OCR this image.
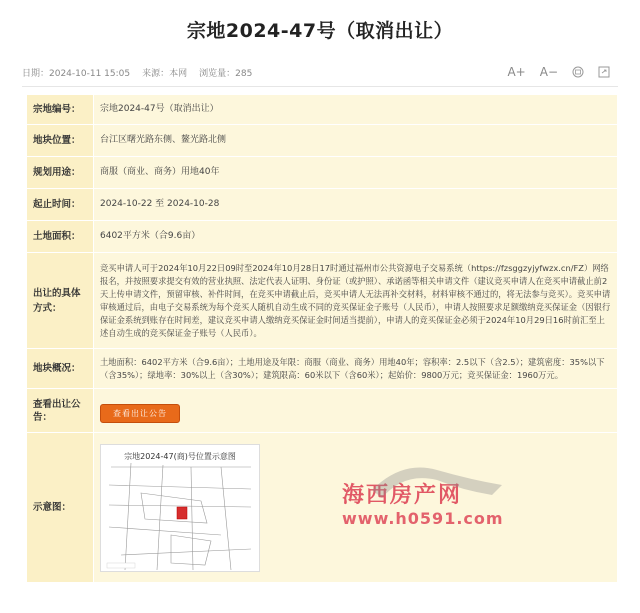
宗地2024-47号（取消出让）
日期：2024-10-11 15:05 来源：本网 浏览量：285	A+ A−
宗地编号：	宗地2024-47号（取消出让）
地块位置：	台江区曙光路东侧、鳌光路北侧
规划用途：	商服（商业、商务）用地40年
起止时间：	2024-10-22 至 2024-10-28
土地面积：	6402平方米（合9.6亩）
出让的具体方式：	竞买申请人可于2024年10月22日09时至2024年10月28日17时通过福州市公共资源电子交易系统（https://fzsggzyjyfwzx.cn/FZ）网络报名，并按照要求提交有效的营业执照、法定代表人证明、身份证（或护照）、承诺函等相关申请文件（建议竞买申请人在竞买申请截止前2天上传申请文件，预留审核、补件时间，在竞买申请截止后，竞买申请人无法再补交材料，材料审核不通过的，将无法参与竞买）。竞买申请审核通过后，由电子交易系统为每个竞买人随机自动生成不同的竞买保证金子账号（人民币），申请人按照要求足额缴纳竞买保证金（因银行保证金系统到账存在时间差，建议竞买申请人缴纳竞买保证金时间适当提前），申请人的竞买保证金必须于2024年10月29日16时前汇至上述自动生成的竞买保证金子账号（人民币）。
地块概况：	土地面积：6402平方米（合9.6亩）；土地用途及年限：商服（商业、商务）用地40年；容积率：2.5以下（含2.5）；建筑密度：35%以下（含35%）；绿地率：30%以上（含30%）；建筑限高：60米以下（含60米）；起始价：9800万元；竞买保证金：1960万元。
查看出让公告：	查看出让公告
示意图：	宗地2024-47(商)号位置示意图
海西房产网
www.h0591.com
